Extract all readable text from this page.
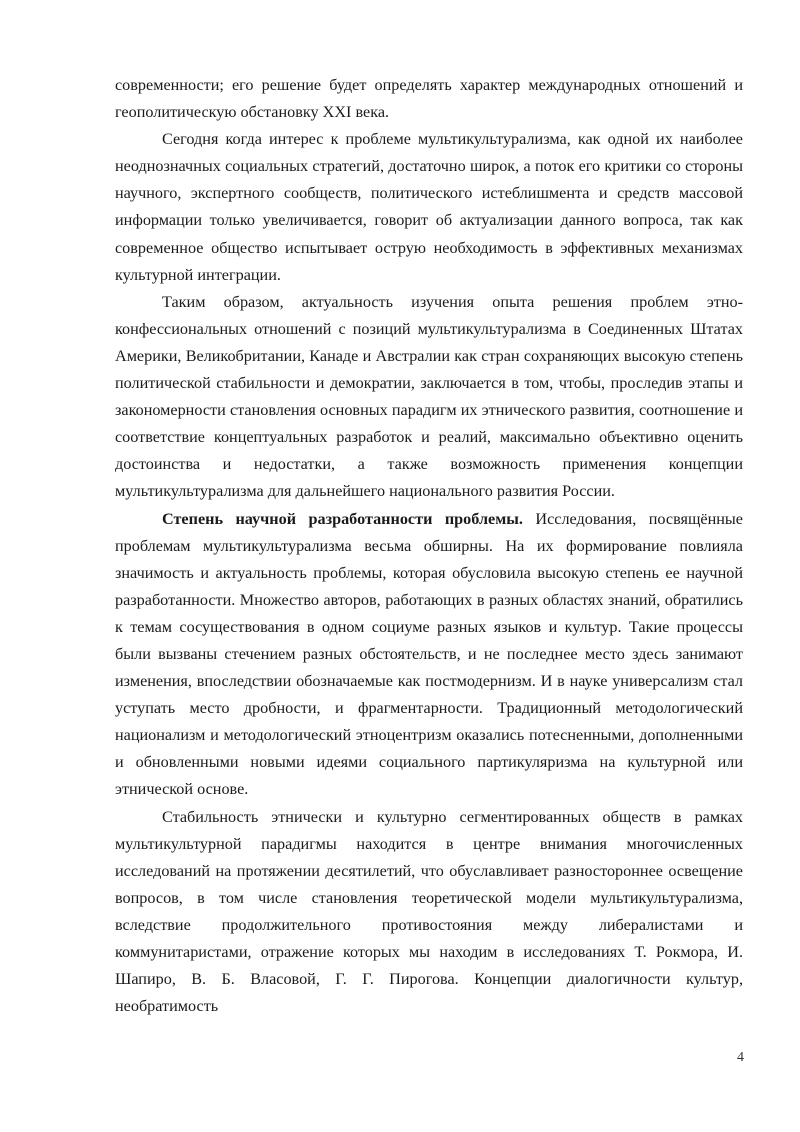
современности; его решение будет определять характер международных отношений и геополитическую обстановку XXI века.

Сегодня когда интерес к проблеме мультикультурализма, как одной их наиболее неоднозначных социальных стратегий, достаточно широк, а поток его критики со стороны научного, экспертного сообществ, политического истеблишмента и средств массовой информации только увеличивается, говорит об актуализации данного вопроса, так как современное общество испытывает острую необходимость в эффективных механизмах культурной интеграции.

Таким образом, актуальность изучения опыта решения проблем этно-конфессиональных отношений с позиций мультикультурализма в Соединенных Штатах Америки, Великобритании, Канаде и Австралии как стран сохраняющих высокую степень политической стабильности и демократии, заключается в том, чтобы, проследив этапы и закономерности становления основных парадигм их этнического развития, соотношение и соответствие концептуальных разработок и реалий, максимально объективно оценить достоинства и недостатки, а также возможность применения концепции мультикультурализма для дальнейшего национального развития России.

Степень научной разработанности проблемы. Исследования, посвящённые проблемам мультикультурализма весьма обширны. На их формирование повлияла значимость и актуальность проблемы, которая обусловила высокую степень ее научной разработанности. Множество авторов, работающих в разных областях знаний, обратились к темам сосуществования в одном социуме разных языков и культур. Такие процессы были вызваны стечением разных обстоятельств, и не последнее место здесь занимают изменения, впоследствии обозначаемые как постмодернизм. И в науке универсализм стал уступать место дробности, и фрагментарности. Традиционный методологический национализм и методологический этноцентризм оказались потесненными, дополненными и обновленными новыми идеями социального партикуляризма на культурной или этнической основе.

Стабильность этнически и культурно сегментированных обществ в рамках мультикультурной парадигмы находится в центре внимания многочисленных исследований на протяжении десятилетий, что обуславливает разностороннее освещение вопросов, в том числе становления теоретической модели мультикультурализма, вследствие продолжительного противостояния между либералистами и коммунитаристами, отражение которых мы находим в исследованиях Т. Рокмора, И. Шапиро, В. Б. Власовой, Г. Г. Пирогова. Концепции диалогичности культур, необратимость

4
